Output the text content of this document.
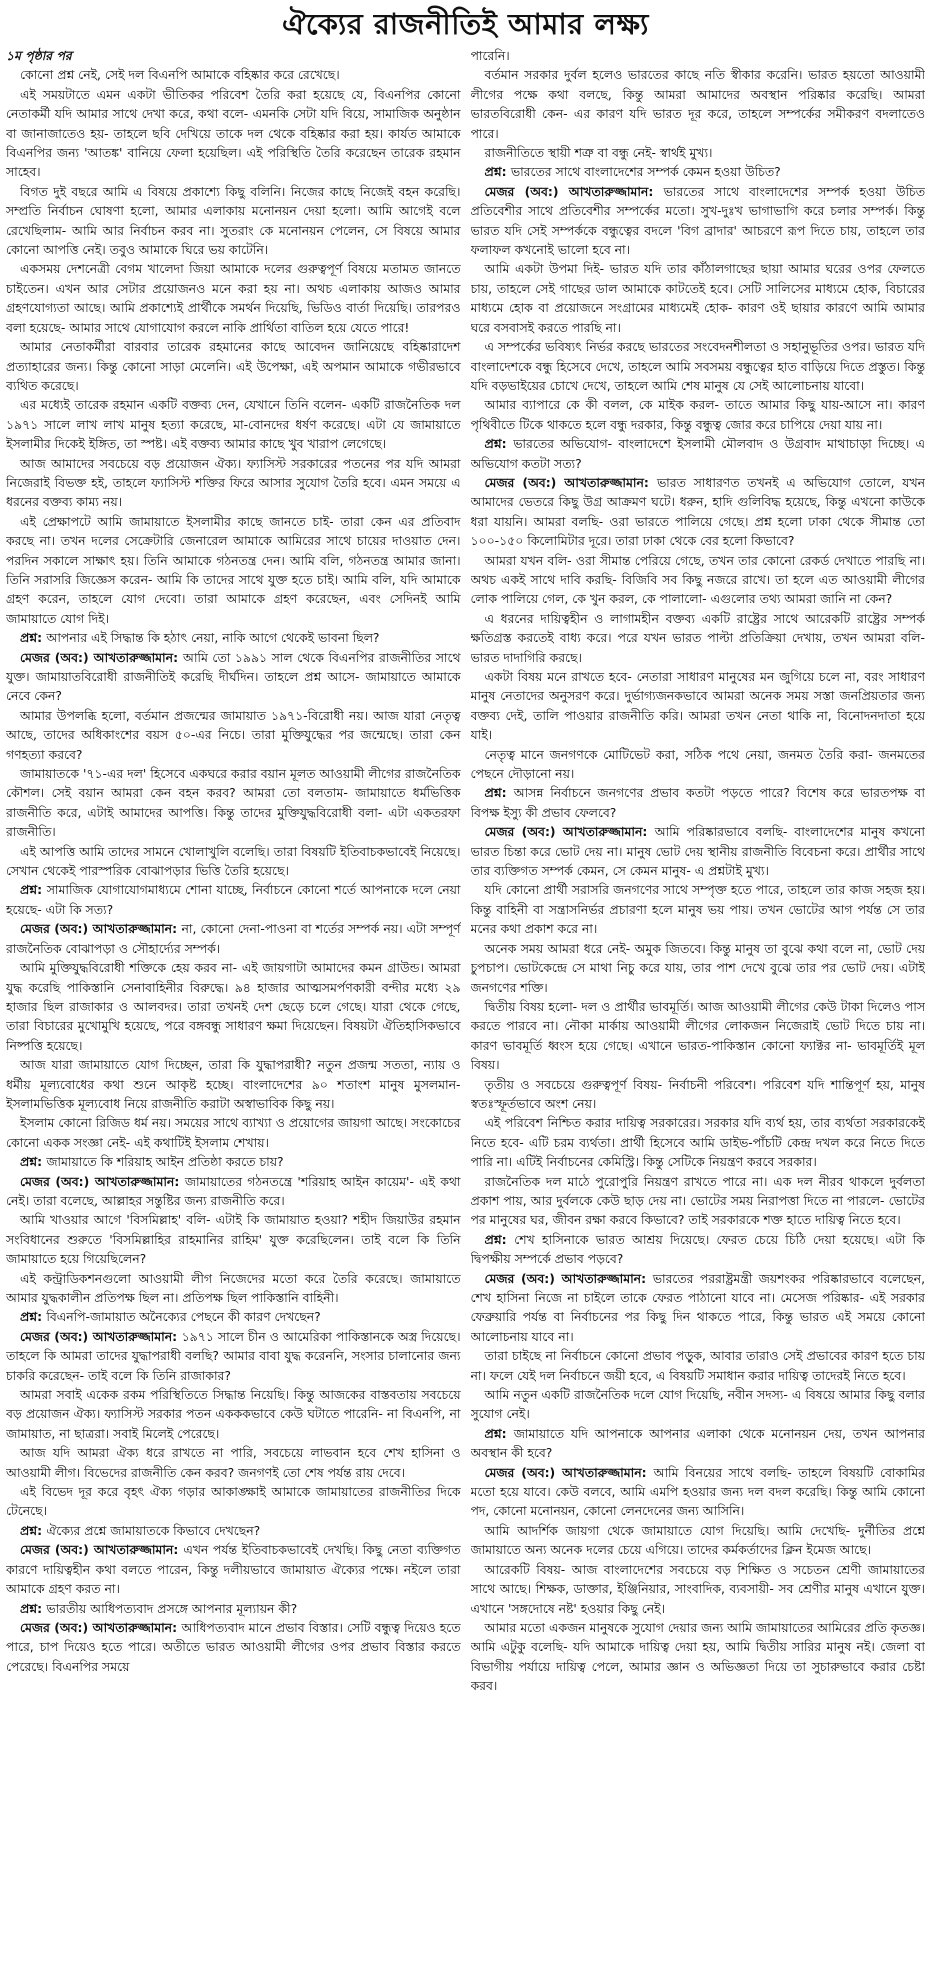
ঐক্যের রাজনীতিই আমার লক্ষ্য
১ম পৃষ্ঠার পর

কোনো প্রশ্ন নেই, সেই দল বিএনপি আমাকে বহিষ্কার করে রেখেছে।

এই সময়টাতে এমন একটা ভীতিকর পরিবেশ তৈরি করা হয়েছে যে, বিএনপির কোনো নেতাকর্মী যদি আমার সাথে দেখা করে, কথা বলে- এমনকি সেটা যদি বিয়ে, সামাজিক অনুষ্ঠান বা জানাজাতেও হয়- তাহলে ছবি দেখিয়ে তাকে দল থেকে বহিষ্কার করা হয়। কার্যত আমাকে বিএনপির জন্য 'আতঙ্ক' বানিয়ে ফেলা হয়েছিল। এই পরিস্থিতি তৈরি করেছেন তারেক রহমান সাহেব।

বিগত দুই বছরে আমি এ বিষয়ে প্রকাশ্যে কিছু বলিনি। নিজের কাছে নিজেই বহন করেছি। সম্প্রতি নির্বাচন ঘোষণা হলো, আমার এলাকায় মনোনয়ন দেয়া হলো। আমি আগেই বলে রেখেছিলাম- আমি আর নির্বাচন করব না। সুতরাং কে মনোনয়ন পেলেন, সে বিষয়ে আমার কোনো আপত্তি নেই। তবুও আমাকে ঘিরে ভয় কাটেনি।

একসময় দেশনেত্রী বেগম খালেদা জিয়া আমাকে দলের গুরুত্বপূর্ণ বিষয়ে মতামত জানতে চাইতেন। এখন আর সেটার প্রয়োজনও মনে করা হয় না। অথচ এলাকায় আজও আমার গ্রহণযোগ্যতা আছে। আমি প্রকাশ্যেই প্রার্থীকে সমর্থন দিয়েছি, ভিডিও বার্তা দিয়েছি। তারপরও বলা হয়েছে- আমার সাথে যোগাযোগ করলে নাকি প্রার্থিতা বাতিল হয়ে যেতে পারে!

আমার নেতাকর্মীরা বারবার তারেক রহমানের কাছে আবেদন জানিয়েছে বহিষ্কারাদেশ প্রত্যাহারের জন্য। কিন্তু কোনো সাড়া মেলেনি। এই উপেক্ষা, এই অপমান আমাকে গভীরভাবে ব্যথিত করেছে।

এর মধ্যেই তারেক রহমান একটি বক্তব্য দেন, যেখানে তিনি বলেন- একটি রাজনৈতিক দল ১৯৭১ সালে লাখ লাখ মানুষ হত্যা করেছে, মা-বোনদের ধর্ষণ করেছে। এটা যে জামায়াতে ইসলামীর দিকেই ইঙ্গিত, তা স্পষ্ট। এই বক্তব্য আমার কাছে খুব খারাপ লেগেছে।

আজ আমাদের সবচেয়ে বড় প্রয়োজন ঐক্য। ফ্যাসিস্ট সরকারের পতনের পর যদি আমরা নিজেরাই বিভক্ত হই, তাহলে ফ্যাসিস্ট শক্তির ফিরে আসার সুযোগ তৈরি হবে। এমন সময়ে এ ধরনের বক্তব্য কাম্য নয়।

এই প্রেক্ষাপটে আমি জামায়াতে ইসলামীর কাছে জানতে চাই- তারা কেন এর প্রতিবাদ করছে না। তখন দলের সেক্রেটারি জেনারেল আমাকে আমিরের সাথে চায়ের দাওয়াত দেন। পরদিন সকালে সাক্ষাৎ হয়। তিনি আমাকে গঠনতন্ত্র দেন। আমি বলি, গঠনতন্ত্র আমার জানা। তিনি সরাসরি জিজ্ঞেস করেন- আমি কি তাদের সাথে যুক্ত হতে চাই। আমি বলি, যদি আমাকে গ্রহণ করেন, তাহলে যোগ দেবো। তারা আমাকে গ্রহণ করেছেন, এবং সেদিনই আমি জামায়াতে যোগ দিই।

প্রশ্ন: আপনার এই সিদ্ধান্ত কি হঠাৎ নেয়া, নাকি আগে থেকেই ভাবনা ছিল?

মেজর (অব:) আখতারুজ্জামান: আমি তো ১৯৯১ সাল থেকে বিএনপির রাজনীতির সাথে যুক্ত। জামায়াতবিরোধী রাজনীতিই করেছি দীর্ঘদিন। তাহলে প্রশ্ন আসে- জামায়াতে আমাকে নেবে কেন?

আমার উপলব্ধি হলো, বর্তমান প্রজন্মের জামায়াত ১৯৭১-বিরোধী নয়। আজ যারা নেতৃত্ব আছে, তাদের অধিকাংশের বয়স ৫০-এর নিচে। তারা মুক্তিযুদ্ধের পর জন্মেছে। তারা কেন গণহত্যা করবে?

জামায়াতকে '৭১-এর দল' হিসেবে একঘরে করার বয়ান মূলত আওয়ামী লীগের রাজনৈতিক কৌশল। সেই বয়ান আমরা কেন বহন করব? আমরা তো বলতাম- জামায়াতে ধর্মভিত্তিক রাজনীতি করে, এটাই আমাদের আপত্তি। কিন্তু তাদের মুক্তিযুদ্ধবিরোধী বলা- এটা একতরফা রাজনীতি।

এই আপত্তি আমি তাদের সামনে খোলাখুলি বলেছি। তারা বিষয়টি ইতিবাচকভাবেই নিয়েছে। সেখান থেকেই পারস্পরিক বোঝাপড়ার ভিত্তি তৈরি হয়েছে।

প্রশ্ন: সামাজিক যোগাযোগমাধ্যমে শোনা যাচ্ছে, নির্বাচনে কোনো শর্তে আপনাকে দলে নেয়া হয়েছে- এটা কি সত্য?

মেজর (অব:) আখতারুজ্জামান: না, কোনো দেনা-পাওনা বা শর্তের সম্পর্ক নয়। এটা সম্পূর্ণ রাজনৈতিক বোঝাপড়া ও সৌহার্দ্যের সম্পর্ক।

আমি মুক্তিযুদ্ধবিরোধী শক্তিকে হেয় করব না- এই জায়গাটা আমাদের কমন গ্রাউন্ড। আমরা যুদ্ধ করেছি পাকিস্তানি সেনাবাহিনীর বিরুদ্ধে। ৯৪ হাজার আত্মসমর্পণকারী বন্দীর মধ্যে ২৯ হাজার ছিল রাজাকার ও আলবদর। তারা তখনই দেশ ছেড়ে চলে গেছে। যারা থেকে গেছে, তারা বিচারের মুখোমুখি হয়েছে, পরে বঙ্গবন্ধু সাধারণ ক্ষমা দিয়েছেন। বিষয়টা ঐতিহাসিকভাবে নিষ্পত্তি হয়েছে।

আজ যারা জামায়াতে যোগ দিচ্ছেন, তারা কি যুদ্ধাপরাধী? নতুন প্রজন্ম সততা, ন্যায় ও ধর্মীয় মূল্যবোধের কথা শুনে আকৃষ্ট হচ্ছে। বাংলাদেশের ৯০ শতাংশ মানুষ মুসলমান- ইসলামভিত্তিক মূল্যবোধ নিয়ে রাজনীতি করাটা অস্বাভাবিক কিছু নয়।

ইসলাম কোনো রিজিড ধর্ম নয়। সময়ের সাথে ব্যাখ্যা ও প্রয়োগের জায়গা আছে। সংকোচের কোনো একক সংজ্ঞা নেই- এই কথাটিই ইসলাম শেখায়।

প্রশ্ন: জামায়াতে কি শরিয়াহ আইন প্রতিষ্ঠা করতে চায়?

মেজর (অব:) আখতারুজ্জামান: জামায়াতের গঠনতন্ত্রে 'শরিয়াহ আইন কায়েম'- এই কথা নেই। তারা বলেছে, আল্লাহর সন্তুষ্টির জন্য রাজনীতি করে।

আমি খাওয়ার আগে 'বিসমিল্লাহ' বলি- এটাই কি জামায়াত হওয়া? শহীদ জিয়াউর রহমান সংবিধানের শুরুতে 'বিসমিল্লাহির রাহমানির রাহিম' যুক্ত করেছিলেন। তাই বলে কি তিনি জামায়াতে হয়ে গিয়েছিলেন?

এই কন্ট্রাডিকশনগুলো আওয়ামী লীগ নিজেদের মতো করে তৈরি করেছে। জামায়াতে আমার যুদ্ধকালীন প্রতিপক্ষ ছিল না। প্রতিপক্ষ ছিল পাকিস্তানি বাহিনী।

প্রশ্ন: বিএনপি-জামায়াত অনৈক্যের পেছনে কী কারণ দেখছেন?

মেজর (অব:) আখতারুজ্জামান: ১৯৭১ সালে চীন ও আমেরিকা পাকিস্তানকে অস্ত্র দিয়েছে। তাহলে কি আমরা তাদের যুদ্ধাপরাধী বলছি? আমার বাবা যুদ্ধ করেননি, সংসার চালানোর জন্য চাকরি করেছেন- তাই বলে কি তিনি রাজাকার?

আমরা সবাই একেক রকম পরিস্থিতিতে সিদ্ধান্ত নিয়েছি। কিন্তু আজকের বাস্তবতায় সবচেয়ে বড় প্রয়োজন ঐক্য। ফ্যাসিস্ট সরকার পতন একককভাবে কেউ ঘটাতে পারেনি- না বিএনপি, না জামায়াত, না ছাত্ররা। সবাই মিলেই পেরেছে।

আজ যদি আমরা ঐক্য ধরে রাখতে না পারি, সবচেয়ে লাভবান হবে শেখ হাসিনা ও আওয়ামী লীগ। বিভেদের রাজনীতি কেন করব? জনগণই তো শেষ পর্যন্ত রায় দেবে।

এই বিভেদ দূর করে বৃহৎ ঐক্য গড়ার আকাঙ্ক্ষাই আমাকে জামায়াতের রাজনীতির দিকে টেনেছে।

প্রশ্ন: ঐক্যের প্রশ্নে জামায়াতকে কিভাবে দেখছেন?

মেজর (অব:) আখতারুজ্জামান: এখন পর্যন্ত ইতিবাচকভাবেই দেখছি। কিছু নেতা ব্যক্তিগত কারণে দায়িত্বহীন কথা বলতে পারেন, কিন্তু দলীয়ভাবে জামায়াত ঐক্যের পক্ষে। নইলে তারা আমাকে গ্রহণ করত না।

প্রশ্ন: ভারতীয় আধিপত্যবাদ প্রসঙ্গে আপনার মূল্যায়ন কী?

মেজর (অব:) আখতারুজ্জামান: আধিপত্যবাদ মানে প্রভাব বিস্তার। সেটি বন্ধুত্ব দিয়েও হতে পারে, চাপ দিয়েও হতে পারে। অতীতে ভারত আওয়ামী লীগের ওপর প্রভাব বিস্তার করতে পেরেছে। বিএনপির সময়ে

পারেনি।

বর্তমান সরকার দুর্বল হলেও ভারতের কাছে নতি স্বীকার করেনি। ভারত হয়তো আওয়ামী লীগের পক্ষে কথা বলছে, কিন্তু আমরা আমাদের অবস্থান পরিষ্কার করেছি। আমরা ভারতবিরোধী কেন- এর কারণ যদি ভারত দূর করে, তাহলে সম্পর্কের সমীকরণ বদলাতেও পারে।

রাজনীতিতে স্থায়ী শত্রু বা বন্ধু নেই- স্বার্থই মুখ্য।

প্রশ্ন: ভারতের সাথে বাংলাদেশের সম্পর্ক কেমন হওয়া উচিত?

মেজর (অব:) আখতারুজ্জামান: ভারতের সাথে বাংলাদেশের সম্পর্ক হওয়া উচিত প্রতিবেশীর সাথে প্রতিবেশীর সম্পর্কের মতো। সুখ-দুঃখ ভাগাভাগি করে চলার সম্পর্ক। কিন্তু ভারত যদি সেই সম্পর্ককে বন্ধুত্বের বদলে 'বিগ ব্রাদার' আচরণে রূপ দিতে চায়, তাহলে তার ফলাফল কখনোই ভালো হবে না।

আমি একটা উপমা দিই- ভারত যদি তার কাঁঠালগাছের ছায়া আমার ঘরের ওপর ফেলতে চায়, তাহলে সেই গাছের ডাল আমাকে কাটতেই হবে। সেটি সালিসের মাধ্যমে হোক, বিচারের মাধ্যমে হোক বা প্রয়োজনে সংগ্রামের মাধ্যমেই হোক- কারণ ওই ছায়ার কারণে আমি আমার ঘরে বসবাসই করতে পারছি না।

এ সম্পর্কের ভবিষ্যৎ নির্ভর করছে ভারতের সংবেদনশীলতা ও সহানুভূতির ওপর। ভারত যদি বাংলাদেশকে বন্ধু হিসেবে দেখে, তাহলে আমি সবসময় বন্ধুত্বের হাত বাড়িয়ে দিতে প্রস্তুত। কিন্তু যদি বড়ভাইয়ের চোখে দেখে, তাহলে আমি শেষ মানুষ যে সেই আলোচনায় যাবো।

আমার ব্যাপারে কে কী বলল, কে মাইক করল- তাতে আমার কিছু যায়-আসে না। কারণ পৃথিবীতে টিকে থাকতে হলে বন্ধু দরকার, কিন্তু বন্ধুত্ব জোর করে চাপিয়ে দেয়া যায় না।

প্রশ্ন: ভারতের অভিযোগ- বাংলাদেশে ইসলামী মৌলবাদ ও উগ্রবাদ মাথাচাড়া দিচ্ছে। এ অভিযোগ কতটা সত্য?

মেজর (অব:) আখতারুজ্জামান: ভারত সাধারণত তখনই এ অভিযোগ তোলে, যখন আমাদের ভেতরে কিছু উগ্র আক্রমণ ঘটে। ধরুন, হাদি গুলিবিদ্ধ হয়েছে, কিন্তু এখনো কাউকে ধরা যায়নি। আমরা বলছি- ওরা ভারতে পালিয়ে গেছে। প্রশ্ন হলো ঢাকা থেকে সীমান্ত তো ১০০-১৫০ কিলোমিটার দূরে। তারা ঢাকা থেকে বের হলো কিভাবে?

আমরা যখন বলি- ওরা সীমান্ত পেরিয়ে গেছে, তখন তার কোনো রেকর্ড দেখাতে পারছি না। অথচ একই সাথে দাবি করছি- বিজিবি সব কিছু নজরে রাখে। তা হলে এত আওয়ামী লীগের লোক পালিয়ে গেল, কে খুন করল, কে পালালো- এগুলোর তথ্য আমরা জানি না কেন?

এ ধরনের দায়িত্বহীন ও লাগামহীন বক্তব্য একটি রাষ্ট্রের সাথে আরেকটি রাষ্ট্রের সম্পর্ক ক্ষতিগ্রস্ত করতেই বাধ্য করে। পরে যখন ভারত পাল্টা প্রতিক্রিয়া দেখায়, তখন আমরা বলি- ভারত দাদাগিরি করছে।

একটা বিষয় মনে রাখতে হবে- নেতারা সাধারণ মানুষের মন জুগিয়ে চলে না, বরং সাধারণ মানুষ নেতাদের অনুসরণ করে। দুর্ভাগ্যজনকভাবে আমরা অনেক সময় সস্তা জনপ্রিয়তার জন্য বক্তব্য দেই, তালি পাওয়ার রাজনীতি করি। আমরা তখন নেতা থাকি না, বিনোদনদাতা হয়ে যাই।

নেতৃত্ব মানে জনগণকে মোটিভেট করা, সঠিক পথে নেয়া, জনমত তৈরি করা- জনমতের পেছনে দৌড়ানো নয়।

প্রশ্ন: আসন্ন নির্বাচনে জনগণের প্রভাব কতটা পড়তে পারে? বিশেষ করে ভারতপক্ষ বা বিপক্ষ ইস্যু কী প্রভাব ফেলবে?

মেজর (অব:) আখতারুজ্জামান: আমি পরিষ্কারভাবে বলছি- বাংলাদেশের মানুষ কখনো ভারত চিন্তা করে ভোট দেয় না। মানুষ ভোট দেয় স্থানীয় রাজনীতি বিবেচনা করে। প্রার্থীর সাথে তার ব্যক্তিগত সম্পর্ক কেমন, সে কেমন মানুষ- এ প্রশ্নটাই মুখ্য।

যদি কোনো প্রার্থী সরাসরি জনগণের সাথে সম্পৃক্ত হতে পারে, তাহলে তার কাজ সহজ হয়। কিন্তু বাহিনী বা সন্ত্রাসনির্ভর প্রচারণা হলে মানুষ ভয় পায়। তখন ভোটের আগ পর্যন্ত সে তার মনের কথা প্রকাশ করে না।

অনেক সময় আমরা ধরে নেই- অমুক জিতবে। কিন্তু মানুষ তা বুঝে কথা বলে না, ভোট দেয় চুপচাপ। ভোটকেন্দ্রে সে মাথা নিচু করে যায়, তার পাশ দেখে বুঝে তার পর ভোট দেয়। এটাই জনগণের শক্তি।

দ্বিতীয় বিষয় হলো- দল ও প্রার্থীর ভাবমূর্তি। আজ আওয়ামী লীগের কেউ টাকা দিলেও পাস করতে পারবে না। নৌকা মার্কায় আওয়ামী লীগের লোকজন নিজেরাই ভোট দিতে চায় না। কারণ ভাবমূর্তি ধ্বংস হয়ে গেছে। এখানে ভারত-পাকিস্তান কোনো ফ্যাক্টর না- ভাবমূর্তিই মূল বিষয়।

তৃতীয় ও সবচেয়ে গুরুত্বপূর্ণ বিষয়- নির্বাচনী পরিবেশ। পরিবেশ যদি শান্তিপূর্ণ হয়, মানুষ স্বতঃস্ফূর্তভাবে অংশ নেয়।

এই পরিবেশ নিশ্চিত করার দায়িত্ব সরকারের। সরকার যদি ব্যর্থ হয়, তার ব্যর্থতা সরকারকেই নিতে হবে- এটি চরম ব্যর্থতা। প্রার্থী হিসেবে আমি ডাইভ-পাঁচটি কেন্দ্র দখল করে নিতে দিতে পারি না। এটিই নির্বাচনের কেমিস্ট্রি। কিন্তু সেটিকে নিয়ন্ত্রণ করবে সরকার।

রাজনৈতিক দল মাঠে পুরোপুরি নিয়ন্ত্রণ রাখতে পারে না। এক দল নীরব থাকলে দুর্বলতা প্রকাশ পায়, আর দুর্বলকে কেউ ছাড় দেয় না। ভোটের সময় নিরাপত্তা দিতে না পারলে- ভোটের পর মানুষের ঘর, জীবন রক্ষা করবে কিভাবে? তাই সরকারকে শক্ত হাতে দায়িত্ব নিতে হবে।

প্রশ্ন: শেখ হাসিনাকে ভারত আশ্রয় দিয়েছে। ফেরত চেয়ে চিঠি দেয়া হয়েছে। এটা কি দ্বিপক্ষীয় সম্পর্কে প্রভাব পড়বে?

মেজর (অব:) আখতারুজ্জামান: ভারতের পররাষ্ট্রমন্ত্রী জয়শংকর পরিষ্কারভাবে বলেছেন, শেখ হাসিনা নিজে না চাইলে তাকে ফেরত পাঠানো যাবে না। মেসেজ পরিষ্কার- এই সরকার ফেব্রুয়ারি পর্যন্ত বা নির্বাচনের পর কিছু দিন থাকতে পারে, কিন্তু ভারত এই সময়ে কোনো আলোচনায় যাবে না।

তারা চাইছে না নির্বাচনে কোনো প্রভাব পড়ুক, আবার তারাও সেই প্রভাবের কারণ হতে চায় না। ফলে যেই দল নির্বাচনে জয়ী হবে, এ বিষয়টি সমাধান করার দায়িত্ব তাদেরই নিতে হবে।

আমি নতুন একটি রাজনৈতিক দলে যোগ দিয়েছি, নবীন সদস্য- এ বিষয়ে আমার কিছু বলার সুযোগ নেই।

প্রশ্ন: জামায়াতে যদি আপনাকে আপনার এলাকা থেকে মনোনয়ন দেয়, তখন আপনার অবস্থান কী হবে?

মেজর (অব:) আখতারুজ্জামান: আমি বিনয়ের সাথে বলছি- তাহলে বিষয়টি বোকামির মতো হয়ে যাবে। কেউ বলবে, আমি এমপি হওয়ার জন্য দল বদল করেছি। কিন্তু আমি কোনো পদ, কোনো মনোনয়ন, কোনো লেনদেনের জন্য আসিনি।

আমি আদর্শিক জায়গা থেকে জামায়াতে যোগ দিয়েছি। আমি দেখেছি- দুর্নীতির প্রশ্নে জামায়াতে অন্য অনেক দলের চেয়ে এগিয়ে। তাদের কর্মকর্তাদের ক্লিন ইমেজ আছে।

আরেকটি বিষয়- আজ বাংলাদেশের সবচেয়ে বড় শিক্ষিত ও সচেতন শ্রেণী জামায়াতের সাথে আছে। শিক্ষক, ডাক্তার, ইঞ্জিনিয়ার, সাংবাদিক, ব্যবসায়ী- সব শ্রেণীর মানুষ এখানে যুক্ত। এখানে 'সঙ্গদোষে নষ্ট' হওয়ার কিছু নেই।

আমার মতো একজন মানুষকে সুযোগ দেয়ার জন্য আমি জামায়াতের আমিরের প্রতি কৃতজ্ঞ। আমি এটুকু বলেছি- যদি আমাকে দায়িত্ব দেয়া হয়, আমি দ্বিতীয় সারির মানুষ নই। জেলা বা বিভাগীয় পর্যায়ে দায়িত্ব পেলে, আমার জ্ঞান ও অভিজ্ঞতা দিয়ে তা সুচারুভাবে করার চেষ্টা করব।
